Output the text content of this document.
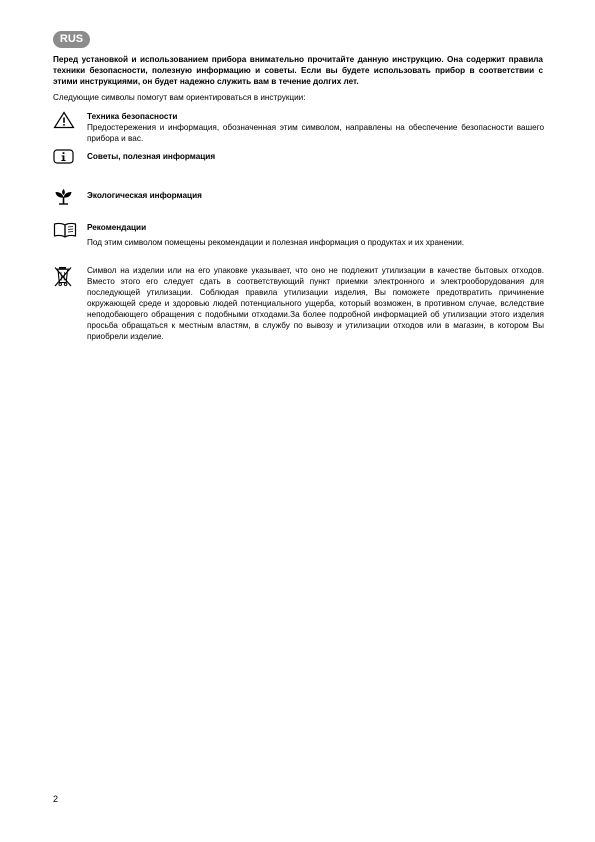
RUS

Перед установкой и использованием прибора внимательно прочитайте данную инструкцию. Она содержит правила техники безопасности, полезную информацию и советы. Если вы будете использовать прибор в соответствии с этими инструкциями, он будет надежно служить вам в течение долгих лет.

Следующие символы помогут вам ориентироваться в инструкции:

Техника безопасности

Предостережения и информация, обозначенная этим символом, направлены на обеспечение безопасности вашего прибора и вас.

Советы, полезная информация

Экологическая информация

Рекомендации

Под этим символом помещены рекомендации и полезная информация о продуктах и их хранении.

Символ на изделии или на его упаковке указывает, что оно не подлежит утилизации в качестве бытовых отходов. Вместо этого его следует сдать в соответствующий пункт приемки электронного и электрооборудования для последующей утилизации. Соблюдая правила утилизации изделия, Вы поможете предотвратить причинение окружающей среде и здоровью людей потенциального ущерба, который возможен, в противном случае, вследствие неподобающего обращения с подобными отходами.За более подробной информацией об утилизации этого изделия просьба обращаться к местным властям, в службу по вывозу и утилизации отходов или в магазин, в котором Вы приобрели изделие.

2
